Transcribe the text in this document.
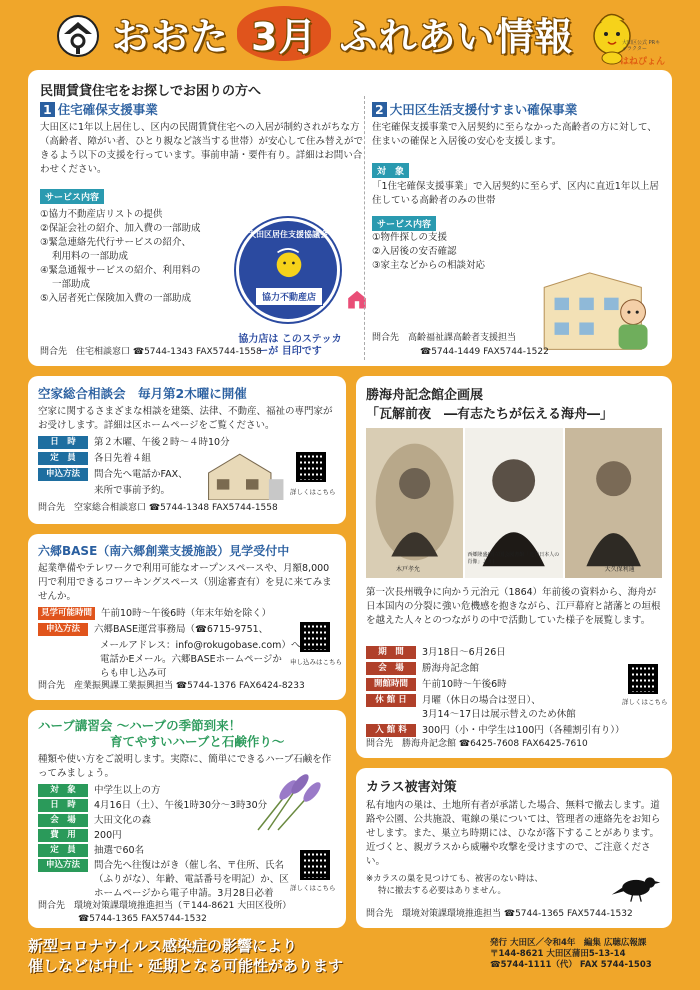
おおた 3月 ふれあい情報	大田区公式 PRキャラクター
はねぴょん
民間賃貸住宅をお探しでお困りの方へ
1 住宅確保支援事業
大田区に1年以上居住し、区内の民間賃貸住宅への入居が制約されがちな方（高齢者、障がい者、ひとり親など該当する世帯）が安心して住み替えができるよう以下の支援を行っています。事前申請・要件有り。詳細はお問い合わせください。
サービス内容
①協力不動産店リストの提供
②保証会社の紹介、加入費の一部助成
③緊急連絡先代行サービスの紹介、
利用料の一部助成
④緊急通報サービスの紹介、利用料の
一部助成
⑤入居者死亡保険加入費の一部助成
大田区居住支援協議会
協力不動産店
協力店は このステッカーが 目印です
問合先　住宅相談窓口 ☎5744-1343 FAX5744-1558
2 大田区生活支援付すまい確保事業
住宅確保支援事業で入居契約に至らなかった高齢者の方に対して、住まいの確保と入居後の安心を支援します。
対　象
「1住宅確保支援事業」で入居契約に至らず、区内に直近1年以上居住している高齢者のみの世帯
サービス内容
①物件探しの支援
②入居後の安否確認
③家主などからの相談対応
問合先　高齢福祉課高齢者支援担当
☎5744-1449 FAX5744-1522
空家総合相談会　毎月第2木曜に開催
空家に関するさまざまな相談を建築、法律、不動産、福祉の専門家がお受けします。詳細は区ホームページをご覧ください。
日　時	第２木曜、午後２時〜４時10分
定　員	各日先着４組
申込方法	問合先へ電話かFAX、
来所で事前予約。	詳しくはこちら
問合先　空家総合相談窓口 ☎5744-1348 FAX5744-1558
六郷BASE（南六郷創業支援施設）見学受付中
起業準備やテレワークで利用可能なオープンスペースや、月額8,000円で利用できるコワーキングスペース（別途審査有）を見に来てみませんか。
見学可能時間 午前10時〜午後6時（年末年始を除く）
申込方法	六郷BASE運営事務局（☎6715-9751、
メールアドレス：info@rokugobase.com）へ
電話かEメール。六郷BASEホームページか
らも申し込み可
申し込みはこちら
問合先　産業振興課工業振興担当 ☎5744-1376 FAX6424-8233
ハーブ講習会 〜ハーブの季節到来！
育てやすいハーブと石鹸作り〜
種類や使い方をご説明します。実際に、簡単にできるハーブ石鹸を作ってみましょう。
対　象	中学生以上の方
日　時	4月16日（土）、午後1時30分〜3時30分
会　場	大田文化の森
費　用	200円
定　員	抽選で60名
申込方法	問合先へ往復はがき（催し名、〒住所、氏名
（ふりがな）、年齢、電話番号を明記）か、区
ホームページから電子申請。3月28日必着	詳しくはこちら
問合先　環境対策課環境推進担当（〒144-8621 大田区役所）
☎5744-1365 FAX5744-1532
勝海舟記念館企画展
「瓦解前夜　―有志たちが伝える海舟―」
木戸孝允
西郷隆盛(国立国会図書館「近代日本人の肖像」より)
大久保利通
第一次長州戦争に向かう元治元（1864）年前後の資料から、海舟が日本国内の分裂に強い危機感を抱きながら、江戸幕府と諸藩との垣根を越えた人々とのつながりの中で活動していた様子を展覧します。
期　間	3月18日〜6月26日
会　場	勝海舟記念館
開館時間	午前10時〜午後6時
休 館 日	月曜（休日の場合は翌日）、
3月14〜17日は展示替えのため休館
入 館 料	300円（小・中学生は100円（各種割引有り））
詳しくはこちら
問合先　勝海舟記念館 ☎6425-7608 FAX6425-7610
カラス被害対策
私有地内の巣は、土地所有者が承諾した場合、無料で撤去します。道路や公園、公共施設、電線の巣については、管理者の連絡先をお知らせします。また、巣立ち時期には、ひなが落下することがあります。近づくと、親ガラスから威嚇や攻撃を受けますので、ご注意ください。
※カラスの巣を見つけても、被害のない時は、
特に撤去する必要はありません。
問合先　環境対策課環境推進担当 ☎5744-1365 FAX5744-1532
新型コロナウイルス感染症の影響により
催しなどは中止・延期となる可能性があります
発行 大田区／令和4年　編集 広聴広報課
〒144-8621 大田区蒲田5-13-14
☎5744-1111（代） FAX 5744-1503
